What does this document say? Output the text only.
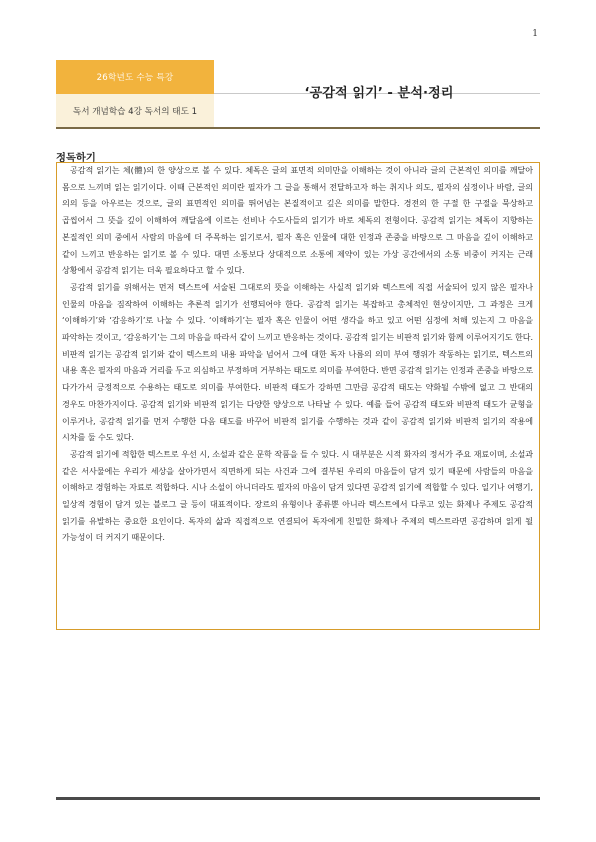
1
26학년도 수능 특강
독서 개념학습 4강 독서의 태도 1
‘공감적 읽기’ - 분석·정리
정독하기

공감적 읽기는 체(體)의 한 양상으로 볼 수 있다. 체독은 글의 표면적 의미만을 이해하는 것이 아니라 글의 근본적인 의미를 깨달아 몸으로 느끼며 읽는 읽기이다. 이때 근본적인 의미란 필자가 그 글을 통해서 전달하고자 하는 취지나 의도, 필자의 심정이나 바람, 글의 의의 등을 아우르는 것으로, 글의 표면적인 의미를 뛰어넘는 본질적이고 깊은 의미를 말한다. 경전의 한 구절 한 구절을 묵상하고 곱씹어서 그 뜻을 깊이 이해하여 깨달음에 이르는 선비나 수도사들의 읽기가 바로 체독의 전형이다. 공감적 읽기는 체독이 지향하는 본질적인 의미 중에서 사람의 마음에 더 주목하는 읽기로서, 필자 혹은 인물에 대한 인정과 존중을 바탕으로 그 마음을 깊이 이해하고 같이 느끼고 반응하는 읽기로 볼 수 있다. 대면 소통보다 상대적으로 소통에 제약이 있는 가상 공간에서의 소통 비중이 커지는 근래 상황에서 공감적 읽기는 더욱 필요하다고 할 수 있다.

공감적 읽기를 위해서는 먼저 텍스트에 서술된 그대로의 뜻을 이해하는 사실적 읽기와 텍스트에 직접 서술되어 있지 않은 필자나 인물의 마음을 짐작하여 이해하는 추론적 읽기가 선행되어야 한다. 공감적 읽기는 복잡하고 총체적인 현상이지만, 그 과정은 크게 ‘이해하기’와 ‘감응하기’로 나눌 수 있다. ‘이해하기’는 필자 혹은 인물이 어떤 생각을 하고 있고 어떤 심정에 처해 있는지 그 마음을 파악하는 것이고, ‘감응하기’는 그의 마음을 따라서 같이 느끼고 반응하는 것이다. 공감적 읽기는 비판적 읽기와 함께 이루어지기도 한다. 비판적 읽기는 공감적 읽기와 같이 텍스트의 내용 파악을 넘어서 그에 대한 독자 나름의 의미 부여 행위가 작동하는 읽기로, 텍스트의 내용 혹은 필자의 마음과 거리를 두고 의심하고 부정하며 거부하는 태도로 의미를 부여한다. 반면 공감적 읽기는 인정과 존중을 바탕으로 다가가서 긍정적으로 수용하는 태도로 의미를 부여한다. 비판적 태도가 강하면 그만큼 공감적 태도는 약화될 수밖에 없고 그 반대의 경우도 마찬가지이다. 공감적 읽기와 비판적 읽기는 다양한 양상으로 나타날 수 있다. 예를 들어 공감적 태도와 비판적 태도가 균형을 이루거나, 공감적 읽기를 먼저 수행한 다음 태도를 바꾸어 비판적 읽기를 수행하는 것과 같이 공감적 읽기와 비판적 읽기의 작용에 시차를 둘 수도 있다.

공감적 읽기에 적합한 텍스트로 우선 시, 소설과 같은 문학 작품을 들 수 있다. 시 대부분은 시적 화자의 정서가 주요 재료이며, 소설과 같은 서사물에는 우리가 세상을 살아가면서 직면하게 되는 사건과 그에 결부된 우리의 마음들이 담겨 있기 때문에 사람들의 마음을 이해하고 경험하는 자료로 적합하다. 시나 소설이 아니더라도 필자의 마음이 담겨 있다면 공감적 읽기에 적합할 수 있다. 일기나 여행기, 일상적 경험이 담겨 있는 블로그 글 등이 대표적이다. 장르의 유형이나 종류뿐 아니라 텍스트에서 다루고 있는 화제나 주제도 공감적 읽기를 유발하는 중요한 요인이다. 독자의 삶과 직접적으로 연결되어 독자에게 친밀한 화제나 주제의 텍스트라면 공감하며 읽게 될 가능성이 더 커지기 때문이다.
